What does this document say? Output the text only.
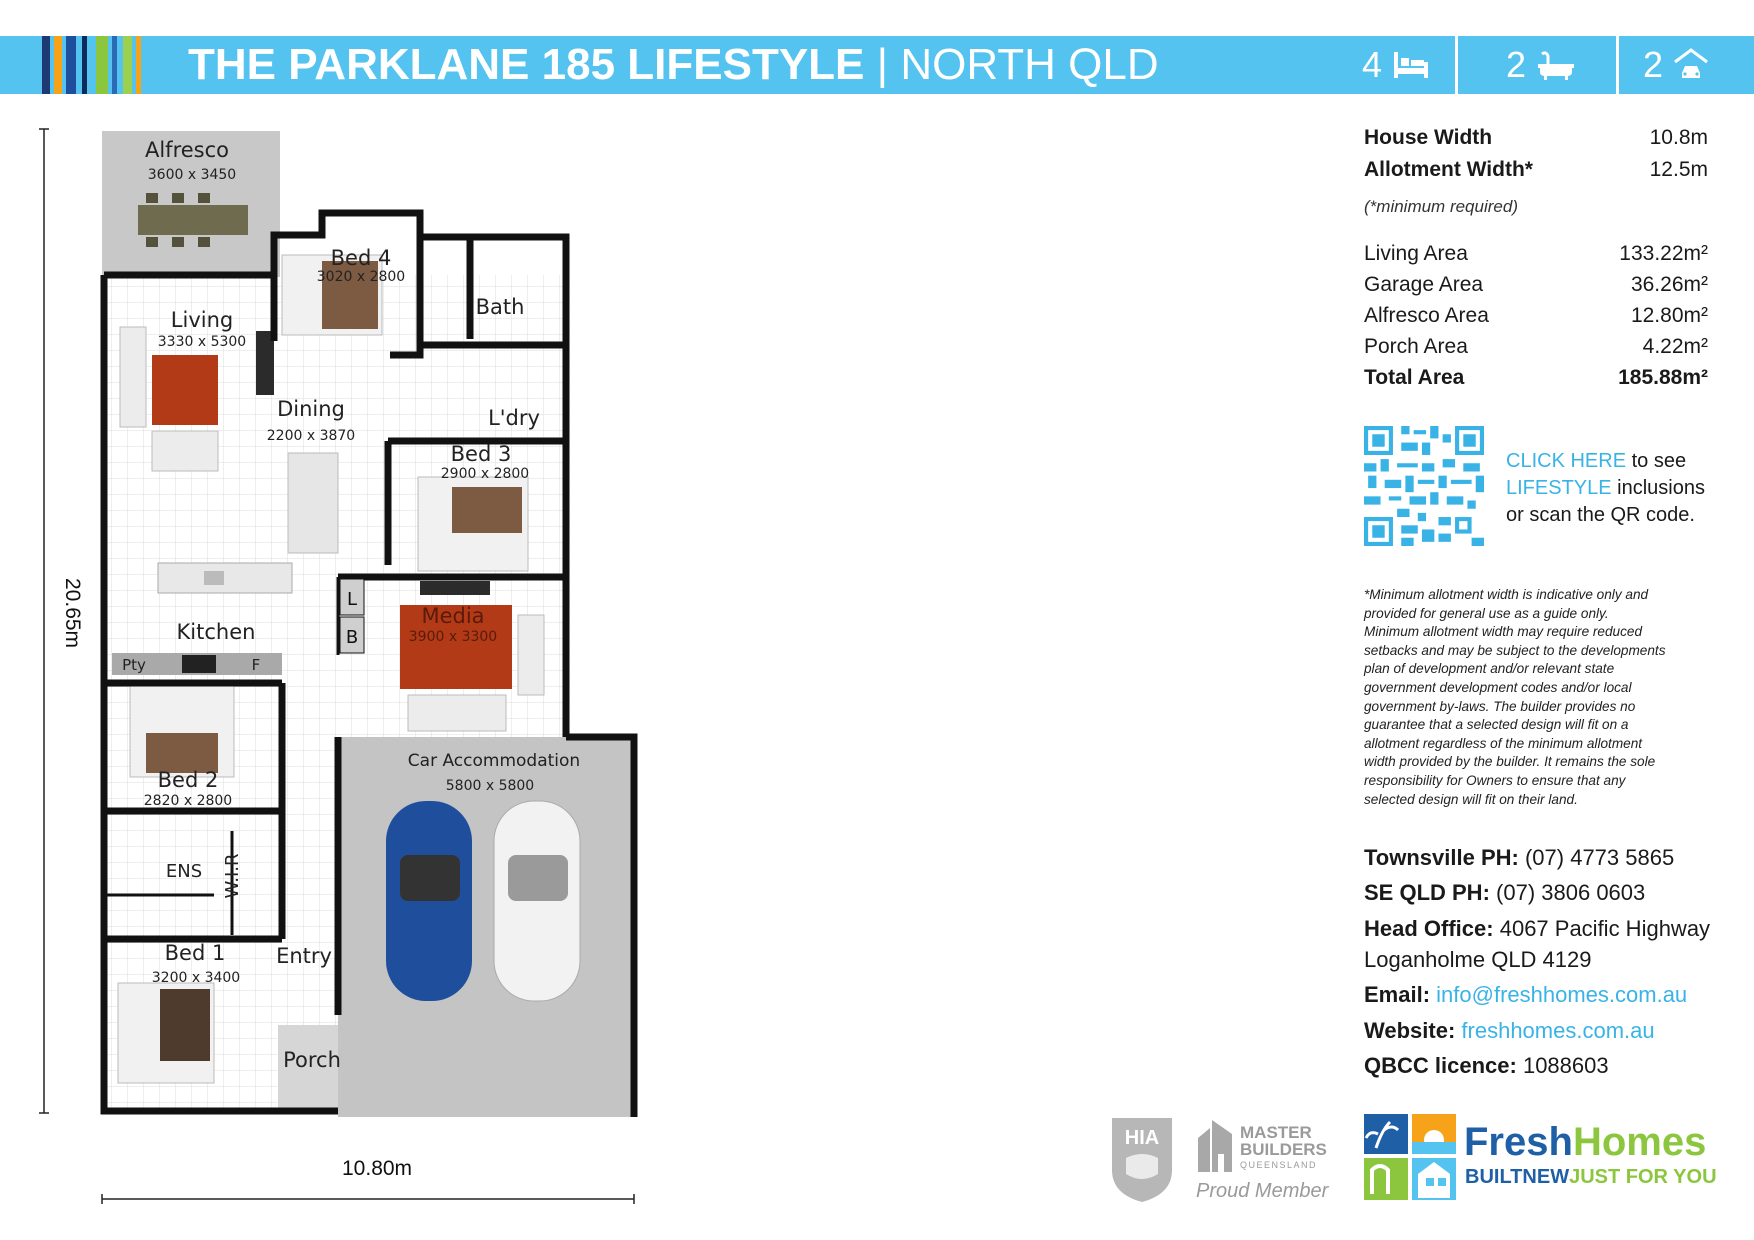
THE PARKLANE 185 LIFESTYLE | NORTH QLD	4	2	2
L
B
Alfresco
3600 x 3450
Bed 4
3020 x 2800
Bath
Living
3330 x 5300
Dining
2200 x 3870
L'dry
Bed 3
2900 x 2800
Kitchen
Media
3900 x 3300
Bed 2
2820 x 2800
Car Accommodation
5800 x 5800
ENS W.I.R
Bed 1
3200 x 3400
Entry
Porch
Pty	F
10.80m
20.65m
House Width	10.8m
Allotment Width*	12.5m
Living Area	133.22m²
Garage Area	36.26m²
Alfresco Area	12.80m²
Porch Area	4.22m²
Total Area	185.88m²
(*minimum required)
CLICK HERE to see
LIFESTYLE inclusions
or scan the QR code.
*Minimum allotment width is indicative only and
provided for general use as a guide only.
Minimum allotment width may require reduced
setbacks and may be subject to the developments
plan of development and/or relevant state
government development codes and/or local
government by-laws. The builder provides no
guarantee that a selected design will fit on a
allotment regardless of the minimum allotment
width provided by the builder. It remains the sole
responsibility for Owners to ensure that any
selected design will fit on their land.
Townsville PH: (07) 4773 5865
SE QLD PH: (07) 3806 0603
Head Office: 4067 Pacific Highway
Loganholme QLD 4129
Email: info@freshhomes.com.au
Website: freshhomes.com.au
QBCC licence: 1088603
HIA	MASTER
BUILDERS
QUEENSLAND
Proud Member
FreshHomes
BUILTNEWJUST FOR YOU
